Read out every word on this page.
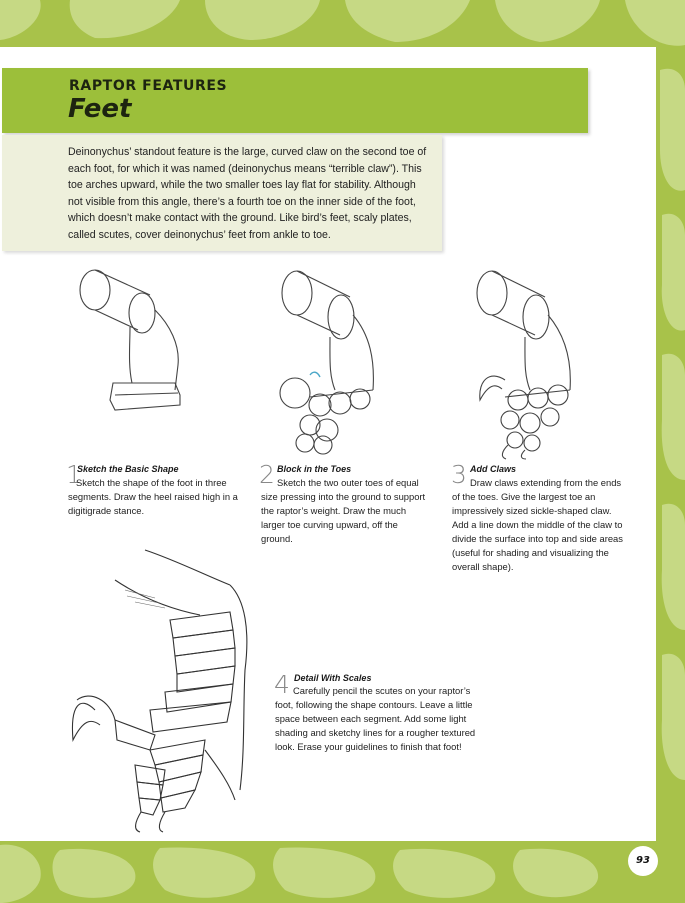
RAPTOR FEATURES
Feet
Deinonychus’ standout feature is the large, curved claw on the second toe of each foot, for which it was named (deinonychus means “terrible claw”). This toe arches upward, while the two smaller toes lay flat for stability. Although not visible from this angle, there’s a fourth toe on the inner side of the foot, which doesn’t make contact with the ground. Like bird’s feet, scaly plates, called scutes, cover deinonychus’ feet from ankle to toe.
1
Sketch the Basic Shape
Sketch the shape of the foot in three segments. Draw the heel raised high in a digitigrade stance.
2 Block in the Toes
Sketch the two outer toes of equal size pressing into the ground to support the raptor’s weight. Draw the much larger toe curving upward, off the ground.
3 Add Claws
Draw claws extending from the ends of the toes. Give the largest toe an impressively sized sickle-shaped claw. Add a line down the middle of the claw to divide the surface into top and side areas (useful for shading and visualizing the overall shape).
4 Detail With Scales
Carefully pencil the scutes on your raptor’s foot, following the shape contours. Leave a little space between each segment. Add some light shading and sketchy lines for a rougher textured look. Erase your guidelines to finish that foot!
93
